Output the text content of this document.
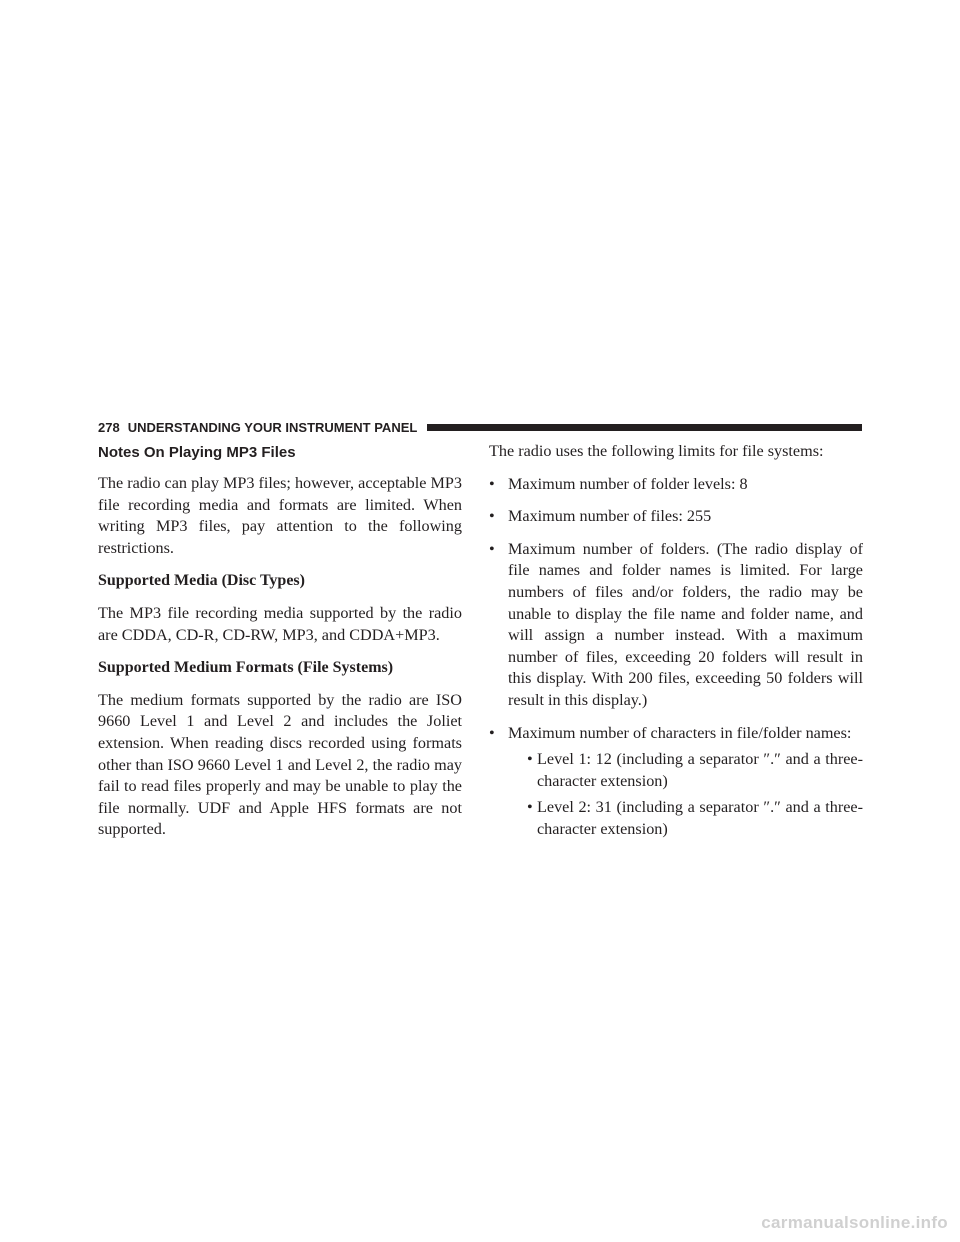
278 UNDERSTANDING YOUR INSTRUMENT PANEL
Notes On Playing MP3 Files

The radio can play MP3 files; however, acceptable MP3 file recording media and formats are limited. When writing MP3 files, pay attention to the following restrictions.

Supported Media (Disc Types)

The MP3 file recording media supported by the radio are CDDA, CD-R, CD-RW, MP3, and CDDA+MP3.

Supported Medium Formats (File Systems)

The medium formats supported by the radio are ISO 9660 Level 1 and Level 2 and includes the Joliet extension. When reading discs recorded using formats other than ISO 9660 Level 1 and Level 2, the radio may fail to read files properly and may be unable to play the file normally. UDF and Apple HFS formats are not supported.

The radio uses the following limits for file systems:

• Maximum number of folder levels: 8
• Maximum number of files: 255
• Maximum number of folders. (The radio display of file names and folder names is limited. For large numbers of files and/or folders, the radio may be unable to display the file name and folder name, and will assign a number instead. With a maximum number of files, exceeding 20 folders will result in this display. With 200 files, exceeding 50 folders will result in this display.)
• Maximum number of characters in file/folder names:
• Level 1: 12 (including a separator ″.″ and a three-character extension)
• Level 2: 31 (including a separator ″.″ and a three-character extension)
carmanualsonline.info
